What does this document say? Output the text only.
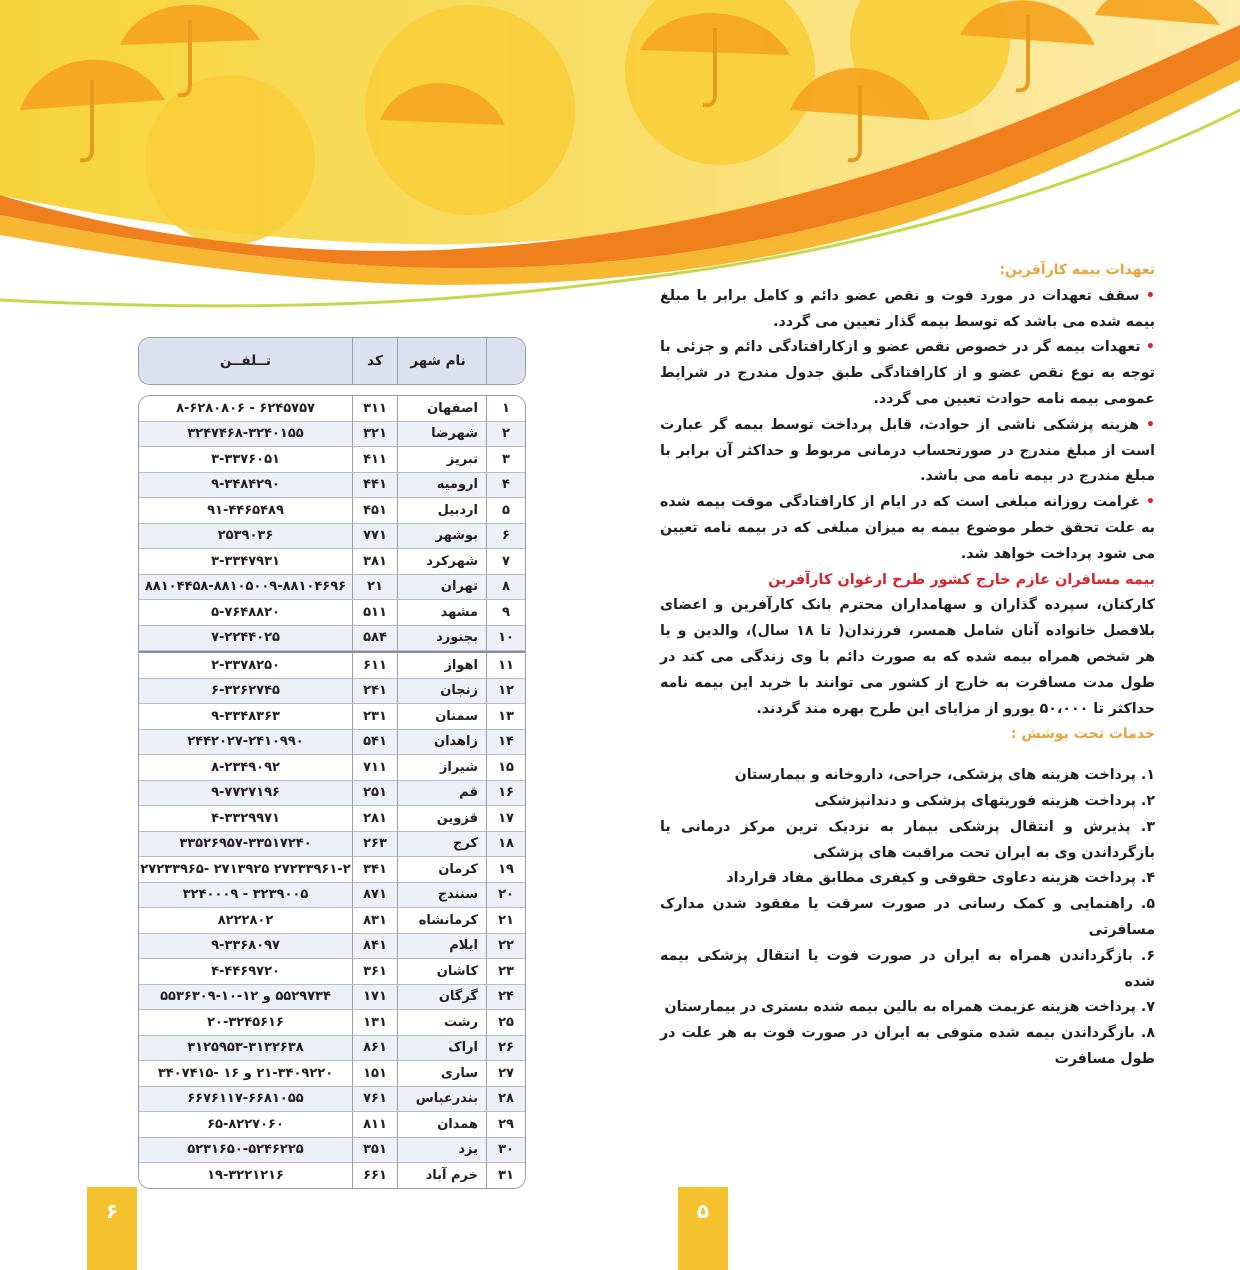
تعهدات بیمه کارآفرین:

• سقف تعهدات در مورد فوت و نقص عضو دائم و کامل برابر با مبلغ بیمه شده می باشد که توسط بیمه گذار تعیین می گردد.

• تعهدات بیمه گر در خصوص نقص عضو و ازکارافتادگی دائم و جزئی با توجه به نوع نقص عضو و از کارافتادگی طبق جدول مندرج در شرایط عمومی بیمه نامه حوادث تعیین می گردد.

• هزینه پزشکی ناشی از حوادث، قابل پرداخت توسط بیمه گر عبارت است از مبلغ مندرج در صورتحساب درمانی مربوط و حداکثر آن برابر با مبلغ مندرج در بیمه نامه می باشد.

• غرامت روزانه مبلغی است که در ایام از کارافتادگی موقت بیمه شده به علت تحقق خطر موضوع بیمه به میزان مبلغی که در بیمه نامه تعیین می شود پرداخت خواهد شد.

بیمه مسافران عازم خارج کشور طرح ارغوان کارآفرین

کارکنان، سپرده گذاران و سهامداران محترم بانک کارآفرین و اعضای بلافصل خانواده آنان شامل همسر، فرزندان( تا ۱۸ سال)، والدین و یا هر شخص همراه بیمه شده که به صورت دائم با وی زندگی می کند در طول مدت مسافرت به خارج از کشور می توانند با خرید این بیمه نامه حداکثر تا ۵۰،۰۰۰ یورو از مزایای این طرح بهره مند گردند.

خدمات تحت پوشش :

۱. پرداخت هزینه های پزشکی، جراحی، داروخانه و بیمارستان

۲. پرداخت هزینه فوریتهای پزشکی و دندانپزشکی

۳. پذیرش و انتقال پزشکی بیمار به نزدیک ترین مرکز درمانی یا بازگرداندن وی به ایران تحت مراقبت های پزشکی

۴. پرداخت هزینه دعاوی حقوقی و کیفری مطابق مفاد قرارداد

۵. راهنمایی و کمک رسانی در صورت سرقت یا مفقود شدن مدارک مسافرتی

۶. بازگرداندن همراه به ایران در صورت فوت یا انتقال پزشکی بیمه شده

۷. پرداخت هزینه عزیمت همراه به بالین بیمه شده بستری در بیمارستان

۸. بازگرداندن بیمه شده متوفی به ایران در صورت فوت به هر علت در طول مسافرت

	نام شهر	کد	تــلفــن
۱	اصفهان	۳۱۱	۶۲۴۵۷۵۷ - ۸-۶۲۸۰۸۰۶
۲	شهرضا	۳۲۱	۳۲۴۷۴۶۸-۳۲۴۰۱۵۵
۳	تبریز	۴۱۱	۳-۳۳۷۶۰۵۱
۴	ارومیه	۴۴۱	۹-۳۴۸۴۲۹۰
۵	اردبیل	۴۵۱	۹۱-۴۴۶۵۴۸۹
۶	بوشهر	۷۷۱	۲۵۳۹۰۳۶
۷	شهرکرد	۳۸۱	۳-۳۳۴۷۹۳۱
۸	تهران	۲۱	۸۸۱۰۴۴۵۸-۸۸۱۰۵۰۰۹-۸۸۱۰۴۶۹۶
۹	مشهد	۵۱۱	۵-۷۶۴۸۸۲۰
۱۰	بجنورد	۵۸۴	۷-۲۲۴۴۰۲۵
۱۱	اهواز	۶۱۱	۲-۳۳۷۸۲۵۰
۱۲	زنجان	۲۴۱	۶-۳۲۶۲۷۴۵
۱۳	سمنان	۲۳۱	۹-۳۳۴۸۳۶۳
۱۴	زاهدان	۵۴۱	۲۴۴۲۰۲۷-۲۴۱۰۹۹۰
۱۵	شیراز	۷۱۱	۸-۲۳۴۹۰۹۲
۱۶	قم	۲۵۱	۹-۷۷۲۷۱۹۶
۱۷	قزوین	۲۸۱	۴-۳۳۲۹۹۷۱
۱۸	کرج	۲۶۳	۳۳۵۲۶۹۵۷-۳۳۵۱۷۲۴۰
۱۹	کرمان	۳۴۱	۲۷۲۳۳۹۶۱-۲ ۲۷۱۳۹۲۵ -۲۷۲۳۳۹۶۵
۲۰	سنندج	۸۷۱	۳۲۳۹۰۰۵ - ۳۲۴۰۰۰۹
۲۱	کرمانشاه	۸۳۱	۸۲۲۲۸۰۲
۲۲	ایلام	۸۴۱	۹-۳۳۶۸۰۹۷
۲۳	کاشان	۳۶۱	۴-۴۴۶۹۷۲۰
۲۴	گرگان	۱۷۱	۵۵۲۹۷۳۴ و ۱۲-۱۰-۵۵۳۶۳۰۹
۲۵	رشت	۱۳۱	۲۰-۳۲۴۵۶۱۶
۲۶	اراک	۸۶۱	۳۱۲۵۹۵۳-۳۱۳۲۶۳۸
۲۷	ساری	۱۵۱	۲۱-۳۴۰۹۲۲۰ و ۱۶ -۳۴۰۷۴۱۵
۲۸	بندرعباس	۷۶۱	۶۶۷۶۱۱۷-۶۶۸۱۰۵۵
۲۹	همدان	۸۱۱	۶۵-۸۲۲۷۰۶۰
۳۰	یزد	۳۵۱	۵۲۳۱۶۵۰-۵۲۴۶۲۲۵
۳۱	خرم آباد	۶۶۱	۱۹-۳۲۲۱۲۱۶
۶	۵
